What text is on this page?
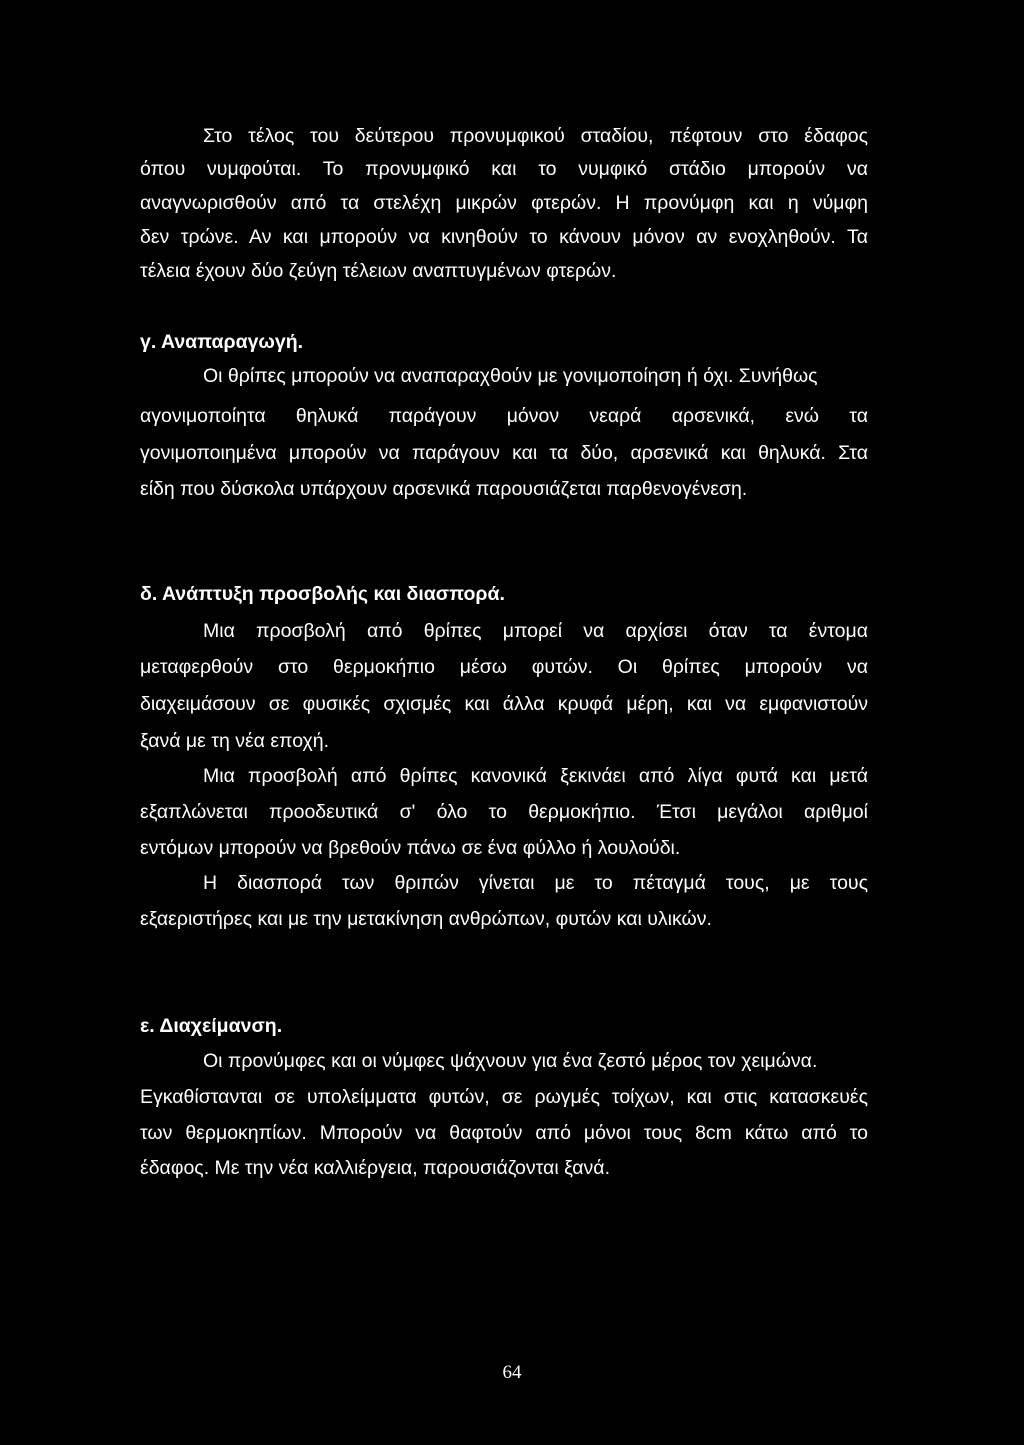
Στο τέλος του δεύτερου προνυμφικού σταδίου, πέφτουν στο έδαφος

όπου νυμφούται. Το προνυμφικό και το νυμφικό στάδιο μπορούν να

αναγνωρισθούν από τα στελέχη μικρών φτερών. Η προνύμφη και η νύμφη

δεν τρώνε. Αν και μπορούν να κινηθούν το κάνουν μόνον αν ενοχληθούν. Τα

τέλεια έχουν δύο ζεύγη τέλειων αναπτυγμένων φτερών.

γ. Αναπαραγωγή.

Οι θρίπες μπορούν να αναπαραχθούν με γονιμοποίηση ή όχι. Συνήθως

αγονιμοποίητα θηλυκά παράγουν μόνον νεαρά αρσενικά, ενώ τα

γονιμοποιημένα μπορούν να παράγουν και τα δύο, αρσενικά και θηλυκά. Στα

είδη που δύσκολα υπάρχουν αρσενικά παρουσιάζεται παρθενογένεση.

δ. Ανάπτυξη προσβολής και διασπορά.

Μια προσβολή από θρίπες μπορεί να αρχίσει όταν τα έντομα

μεταφερθούν στο θερμοκήπιο μέσω φυτών. Οι θρίπες μπορούν να

διαχειμάσουν σε φυσικές σχισμές και άλλα κρυφά μέρη, και να εμφανιστούν

ξανά με τη νέα εποχή.

Μια προσβολή από θρίπες κανονικά ξεκινάει από λίγα φυτά και μετά

εξαπλώνεται προοδευτικά σ' όλο το θερμοκήπιο. Έτσι μεγάλοι αριθμοί

εντόμων μπορούν να βρεθούν πάνω σε ένα φύλλο ή λουλούδι.

Η διασπορά των θριπών γίνεται με το πέταγμά τους, με τους

εξαεριστήρες και με την μετακίνηση ανθρώπων, φυτών και υλικών.

ε. Διαχείμανση.

Οι προνύμφες και οι νύμφες ψάχνουν για ένα ζεστό μέρος τον χειμώνα.

Εγκαθίστανται σε υπολείμματα φυτών, σε ρωγμές τοίχων, και στις κατασκευές

των θερμοκηπίων. Μπορούν να θαφτούν από μόνοι τους 8cm κάτω από το

έδαφος. Με την νέα καλλιέργεια, παρουσιάζονται ξανά.

64
